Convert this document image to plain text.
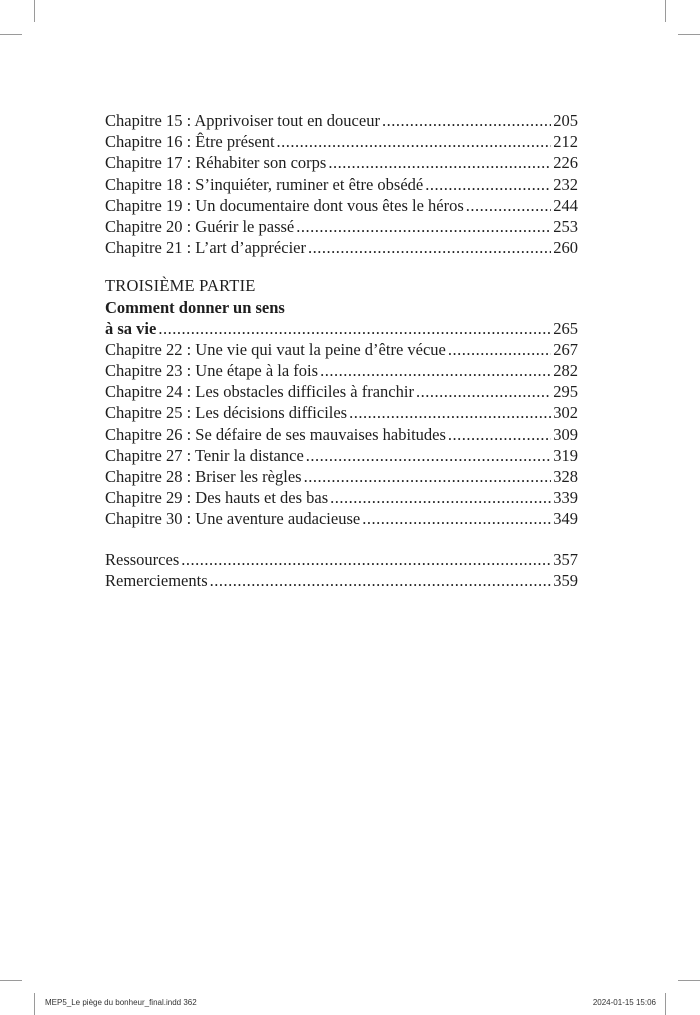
Chapitre 15 : Apprivoiser tout en douceur .....	205
Chapitre 16 : Être présent .....	212
Chapitre 17 : Réhabiter son corps .....	226
Chapitre 18 : S’inquiéter, ruminer et être obsédé .....	232
Chapitre 19 : Un documentaire dont vous êtes le héros .....	244
Chapitre 20 : Guérir le passé .....	253
Chapitre 21 : L’art d’apprécier .....	260
TROISIÈME PARTIE
Comment donner un sens
à sa vie .....	265
Chapitre 22 : Une vie qui vaut la peine d’être vécue .....	267
Chapitre 23 : Une étape à la fois .....	282
Chapitre 24 : Les obstacles difficiles à franchir .....	295
Chapitre 25 : Les décisions difficiles .....	302
Chapitre 26 : Se défaire de ses mauvaises habitudes .....	309
Chapitre 27 : Tenir la distance .....	319
Chapitre 28 : Briser les règles .....	328
Chapitre 29 : Des hauts et des bas .....	339
Chapitre 30 : Une aventure audacieuse .....	349
Ressources .....	357
Remerciements .....	359
MEP5_Le piège du bonheur_final.indd 362	2024-01-15 15:06
